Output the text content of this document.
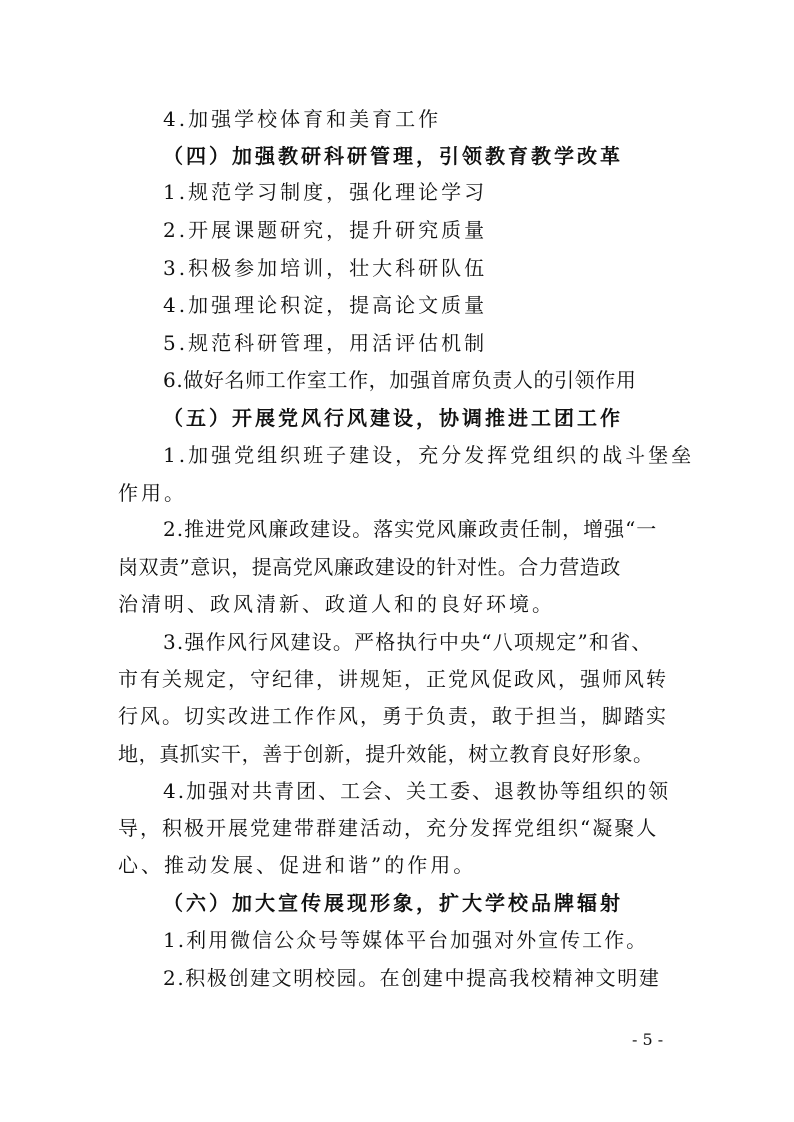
4.加强学校体育和美育工作
（四）加强教研科研管理，引领教育教学改革
1.规范学习制度，强化理论学习
2.开展课题研究，提升研究质量
3.积极参加培训，壮大科研队伍
4.加强理论积淀，提高论文质量
5.规范科研管理，用活评估机制
6.做好名师工作室工作，加强首席负责人的引领作用
（五）开展党风行风建设，协调推进工团工作
1.加强党组织班子建设，充分发挥党组织的战斗堡垒
作用。
2.推进党风廉政建设。落实党风廉政责任制，增强“一
岗双责”意识，提高党风廉政建设的针对性。合力营造政
治清明、政风清新、政道人和的良好环境。
3.强作风行风建设。严格执行中央“八项规定”和省、
市有关规定，守纪律，讲规矩，正党风促政风，强师风转
行风。切实改进工作作风，勇于负责，敢于担当，脚踏实
地，真抓实干，善于创新，提升效能，树立教育良好形象。
4.加强对共青团、工会、关工委、退教协等组织的领
导，积极开展党建带群建活动，充分发挥党组织“凝聚人
心、推动发展、促进和谐”的作用。
（六）加大宣传展现形象，扩大学校品牌辐射
1.利用微信公众号等媒体平台加强对外宣传工作。
2.积极创建文明校园。在创建中提高我校精神文明建
- 5 -
